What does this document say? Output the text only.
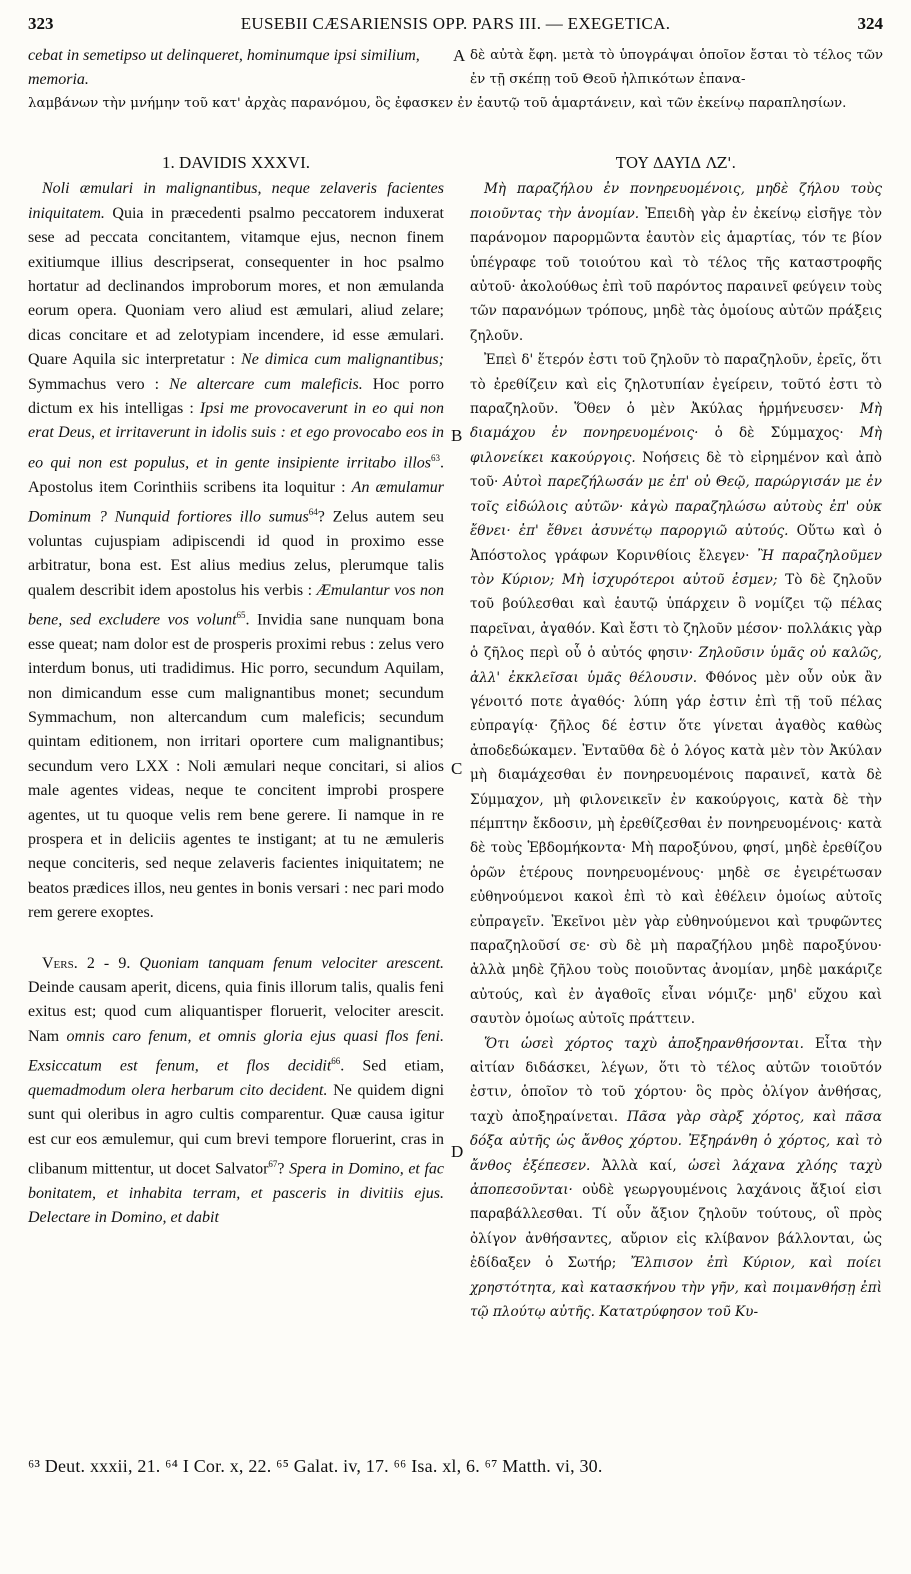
323	EUSEBII CÆSARIENSIS OPP. PARS III. — EXEGETICA.	324
cebat in semetipso ut delinqueret, hominumque ipsi similium, memoria.
A δὲ αὐτὰ ἔφη. μετὰ τὸ ὑπογράψαι ὁποῖον ἔσται τὸ τέλος τῶν ἐν τῇ σκέπῃ τοῦ Θεοῦ ἠλπικότων ἐπανα-
λαμβάνων τὴν μνήμην τοῦ κατ' ἀρχὰς παρανόμου, ὃς ἐφασκεν ἐν ἑαυτῷ τοῦ ἁμαρτάνειν, καὶ τῶν ἐκείνῳ παραπλησίων.
1. DAVIDIS XXXVI.

Noli æmulari in malignantibus, neque zelaveris facientes iniquitatem. Quia in præcedenti psalmo peccatorem induxerat sese ad peccata concitantem, vitamque ejus, necnon finem exitiumque illius descripserat, consequenter in hoc psalmo hortatur ad declinandos improborum mores, et non æmulanda eorum opera. Quoniam vero aliud est æmulari, aliud zelare; dicas concitare et ad zelotypiam incendere, id esse æmulari. Quare Aquila sic interpretatur : Ne dimica cum malignantibus; Symmachus vero : Ne altercare cum maleficis. Hoc porro dictum ex his intelligas : Ipsi me provocaverunt in eo qui non erat Deus, et irritaverunt in idolis suis : et ego provocabo eos in eo qui non est populus, et in gente insipiente irritabo illos$^{63}$. Apostolus item Corinthiis scribens ita loquitur : An æmulamur Dominum ? Nunquid fortiores illo sumus$^{64}$? Zelus autem seu voluntas cujuspiam adipiscendi id quod in proximo esse arbitratur, bona est. Est alius medius zelus, plerumque talis qualem describit idem apostolus his verbis : Æmulantur vos non bene, sed excludere vos volunt$^{65}$. Invidia sane nunquam bona esse queat; nam dolor est de prosperis proximi rebus : zelus vero interdum bonus, uti tradidimus. Hic porro, secundum Aquilam, non dimicandum esse cum malignantibus monet; secundum Symmachum, non altercandum cum maleficis; secundum quintam editionem, non irritari oportere cum malignantibus; secundum vero LXX : Noli æmulari neque concitari, si alios male agentes videas, neque te concitent improbi prospere agentes, ut tu quoque velis rem bene gerere. Ii namque in re prospera et in deliciis agentes te instigant; at tu ne æmuleris neque conciteris, sed neque zelaveris facientes iniquitatem; ne beatos prædices illos, neu gentes in bonis versari : nec pari modo rem gerere exoptes.

Vers. 2 - 9. Quoniam tanquam fenum velociter arescent. Deinde causam aperit, dicens, quia finis illorum talis, qualis feni exitus est; quod cum aliquantisper floruerit, velociter arescit. Nam omnis caro fenum, et omnis gloria ejus quasi flos feni. Exsiccatum est fenum, et flos decidit$^{66}$. Sed etiam, quemadmodum olera herbarum cito decident. Ne quidem digni sunt qui oleribus in agro cultis comparentur. Quæ causa igitur est cur eos æmulemur, qui cum brevi tempore floruerint, cras in clibanum mittentur, ut docet Salvator$^{67}$? Spera in Domino, et fac bonitatem, et inhabita terram, et pasceris in divitiis ejus. Delectare in Domino, et dabit

B
C
D
ΤΟΥ ΔΑΥΙΔ ΛΖ'.

Μὴ παραζήλου ἐν πονηρευομένοις, μηδὲ ζήλου τοὺς ποιοῦντας τὴν ἀνομίαν. Ἐπειδὴ γὰρ ἐν ἐκείνῳ εἰσῆγε τὸν παράνομον παρορμῶντα ἑαυτὸν εἰς ἁμαρτίας, τόν τε βίον ὑπέγραφε τοῦ τοιούτου καὶ τὸ τέλος τῆς καταστροφῆς αὐτοῦ· ἀκολούθως ἐπὶ τοῦ παρόντος παραινεῖ φεύγειν τοὺς τῶν παρανόμων τρόπους, μηδὲ τὰς ὁμοίους αὐτῶν πράξεις ζηλοῦν.

Ἐπεὶ δ' ἕτερόν ἐστι τοῦ ζηλοῦν τὸ παραζηλοῦν, ἐρεῖς, ὅτι τὸ ἐρεθίζειν καὶ εἰς ζηλοτυπίαν ἐγείρειν, τοῦτό ἐστι τὸ παραζηλοῦν. Ὅθεν ὁ μὲν Ἀκύλας ἡρμήνευσεν· Μὴ διαμάχου ἐν πονηρευομένοις· ὁ δὲ Σύμμαχος· Μὴ φιλονείκει κακούργοις. Νοήσεις δὲ τὸ εἰρημένον καὶ ἀπὸ τοῦ· Αὐτοὶ παρεζήλωσάν με ἐπ' οὐ Θεῷ, παρώργισάν με ἐν τοῖς εἰδώλοις αὐτῶν· κἀγὼ παραζηλώσω αὐτοὺς ἐπ' οὐκ ἔθνει· ἐπ' ἔθνει ἀσυνέτῳ παροργιῶ αὐτούς. Οὕτω καὶ ὁ Ἀπόστολος γράφων Κορινθίοις ἔλεγεν· Ἢ παραζηλοῦμεν τὸν Κύριον; Μὴ ἰσχυρότεροι αὐτοῦ ἐσμεν; Τὸ δὲ ζηλοῦν τοῦ βούλεσθαι καὶ ἑαυτῷ ὑπάρχειν ὃ νομίζει τῷ πέλας παρεῖναι, ἀγαθόν. Καὶ ἔστι τὸ ζηλοῦν μέσον· πολλάκις γὰρ ὁ ζῆλος περὶ οὗ ὁ αὐτός φησιν· Ζηλοῦσιν ὑμᾶς οὐ καλῶς, ἀλλ' ἐκκλεῖσαι ὑμᾶς θέλουσιν. Φθόνος μὲν οὖν οὐκ ἂν γένοιτό ποτε ἀγαθός· λύπη γάρ ἐστιν ἐπὶ τῇ τοῦ πέλας εὐπραγίᾳ· ζῆλος δέ ἐστιν ὅτε γίνεται ἀγαθὸς καθὼς ἀποδεδώκαμεν. Ἐνταῦθα δὲ ὁ λόγος κατὰ μὲν τὸν Ἀκύλαν μὴ διαμάχεσθαι ἐν πονηρευομένοις παραινεῖ, κατὰ δὲ Σύμμαχον, μὴ φιλονεικεῖν ἐν κακούργοις, κατὰ δὲ τὴν πέμπτην ἔκδοσιν, μὴ ἐρεθίζεσθαι ἐν πονηρευομένοις· κατὰ δὲ τοὺς Ἑβδομήκοντα· Μὴ παροξύνου, φησί, μηδὲ ἐρεθίζου ὁρῶν ἑτέρους πονηρευομένους· μηδὲ σε ἐγειρέτωσαν εὐθηνούμενοι κακοὶ ἐπὶ τὸ καὶ ἐθέλειν ὁμοίως αὐτοῖς εὐπραγεῖν. Ἐκεῖνοι μὲν γὰρ εὐθηνούμενοι καὶ τρυφῶντες παραζηλοῦσί σε· σὺ δὲ μὴ παραζήλου μηδὲ παροξύνου· ἀλλὰ μηδὲ ζῆλου τοὺς ποιοῦντας ἀνομίαν, μηδὲ μακάριζε αὐτούς, καὶ ἐν ἀγαθοῖς εἶναι νόμιζε· μηδ' εὔχου καὶ σαυτὸν ὁμοίως αὐτοῖς πράττειν.

Ὅτι ὡσεὶ χόρτος ταχὺ ἀποξηρανθήσονται. Εἶτα τὴν αἰτίαν διδάσκει, λέγων, ὅτι τὸ τέλος αὐτῶν τοιοῦτόν ἐστιν, ὁποῖον τὸ τοῦ χόρτου· ὃς πρὸς ὀλίγον ἀνθήσας, ταχὺ ἀποξηραίνεται. Πᾶσα γὰρ σὰρξ χόρτος, καὶ πᾶσα δόξα αὐτῆς ὡς ἄνθος χόρτου. Ἐξηράνθη ὁ χόρτος, καὶ τὸ ἄνθος ἐξέπεσεν. Ἀλλὰ καί, ὡσεὶ λάχανα χλόης ταχὺ ἀποπεσοῦνται· οὐδὲ γεωργουμένοις λαχάνοις ἄξιοί εἰσι παραβάλλεσθαι. Τί οὖν ἄξιον ζηλοῦν τούτους, οἳ πρὸς ὀλίγον ἀνθήσαντες, αὔριον εἰς κλίβανον βάλλονται, ὡς ἐδίδαξεν ὁ Σωτήρ; Ἔλπισον ἐπὶ Κύριον, καὶ ποίει χρηστότητα, καὶ κατασκήνου τὴν γῆν, καὶ ποιμανθήσῃ ἐπὶ τῷ πλούτῳ αὐτῆς. Κατατρύφησον τοῦ Κυ-

⁶³ Deut. xxxii, 21. ⁶⁴ I Cor. x, 22. ⁶⁵ Galat. iv, 17. ⁶⁶ Isa. xl, 6. ⁶⁷ Matth. vi, 30.
